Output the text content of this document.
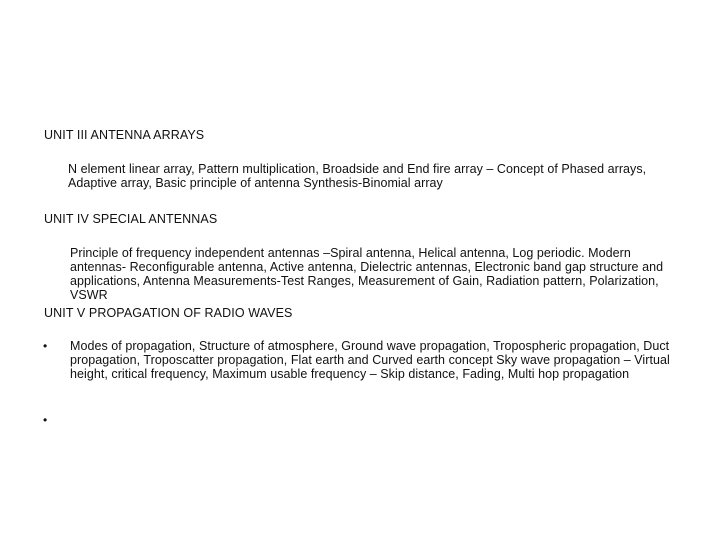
UNIT III ANTENNA ARRAYS
N element linear array, Pattern multiplication, Broadside and End fire array – Concept of Phased arrays, Adaptive array, Basic principle of antenna Synthesis-Binomial array
UNIT IV SPECIAL ANTENNAS
Principle of frequency independent antennas –Spiral antenna, Helical antenna, Log periodic. Modern antennas- Reconfigurable antenna, Active antenna, Dielectric antennas, Electronic band gap structure and applications, Antenna Measurements-Test Ranges, Measurement of Gain, Radiation pattern, Polarization, VSWR
UNIT V PROPAGATION OF RADIO WAVES
• Modes of propagation, Structure of atmosphere, Ground wave propagation, Tropospheric propagation, Duct propagation, Troposcatter propagation, Flat earth and Curved earth concept Sky wave propagation – Virtual height, critical frequency, Maximum usable frequency – Skip distance, Fading, Multi hop propagation
•
